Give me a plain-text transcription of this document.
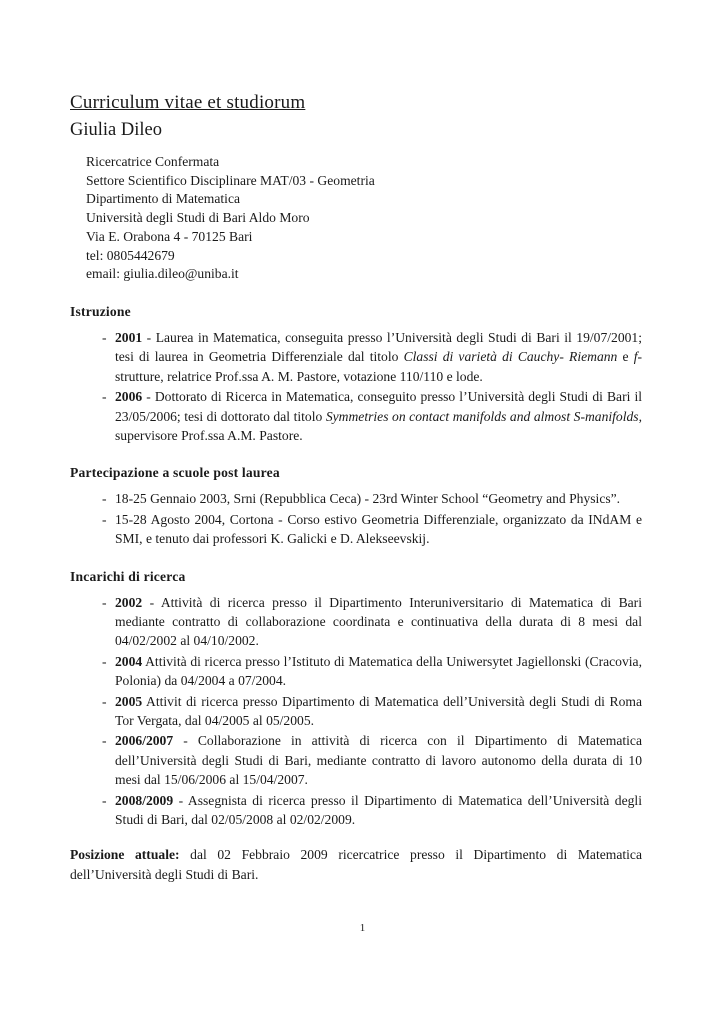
Curriculum vitae et studiorum
Giulia Dileo
Ricercatrice Confermata
Settore Scientifico Disciplinare MAT/03 - Geometria
Dipartimento di Matematica
Università degli Studi di Bari Aldo Moro
Via E. Orabona 4 - 70125 Bari
tel: 0805442679
email: giulia.dileo@uniba.it
Istruzione
- 2001 - Laurea in Matematica, conseguita presso l’Università degli Studi di Bari il 19/07/2001; tesi di laurea in Geometria Differenziale dal titolo Classi di varietà di Cauchy- Riemann e f-strutture, relatrice Prof.ssa A. M. Pastore, votazione 110/110 e lode.
- 2006 - Dottorato di Ricerca in Matematica, conseguito presso l’Università degli Studi di Bari il 23/05/2006; tesi di dottorato dal titolo Symmetries on contact manifolds and almost S-manifolds, supervisore Prof.ssa A.M. Pastore.
Partecipazione a scuole post laurea
- 18-25 Gennaio 2003, Srni (Repubblica Ceca) - 23rd Winter School “Geometry and Physics”.
- 15-28 Agosto 2004, Cortona - Corso estivo Geometria Differenziale, organizzato da INdAM e SMI, e tenuto dai professori K. Galicki e D. Alekseevskij.
Incarichi di ricerca
- 2002 - Attività di ricerca presso il Dipartimento Interuniversitario di Matematica di Bari mediante contratto di collaborazione coordinata e continuativa della durata di 8 mesi dal 04/02/2002 al 04/10/2002.
- 2004 Attività di ricerca presso l’Istituto di Matematica della Uniwersytet Jagiellonski (Cracovia, Polonia) da 04/2004 a 07/2004.
- 2005 Attivit di ricerca presso Dipartimento di Matematica dell’Università degli Studi di Roma Tor Vergata, dal 04/2005 al 05/2005.
- 2006/2007 - Collaborazione in attività di ricerca con il Dipartimento di Matematica dell’Università degli Studi di Bari, mediante contratto di lavoro autonomo della durata di 10 mesi dal 15/06/2006 al 15/04/2007.
- 2008/2009 - Assegnista di ricerca presso il Dipartimento di Matematica dell’Università degli Studi di Bari, dal 02/05/2008 al 02/02/2009.

Posizione attuale: dal 02 Febbraio 2009 ricercatrice presso il Dipartimento di Matematica dell’Università degli Studi di Bari.

1
